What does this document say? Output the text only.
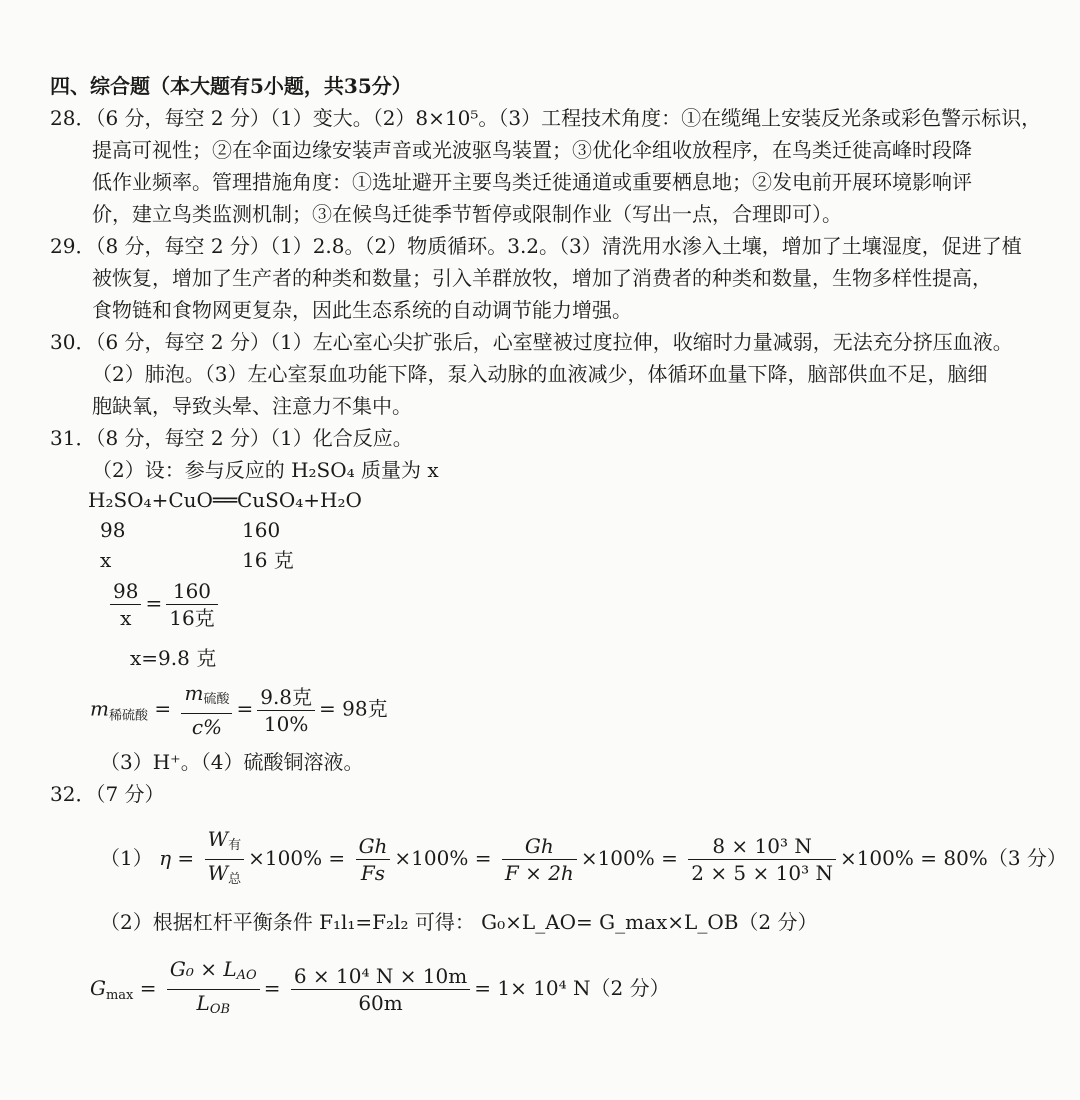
四、综合题（本大题有5小题，共35分）
28．（6 分，每空 2 分）（1）变大。（2）8×10⁵。（3）工程技术角度：①在缆绳上安装反光条或彩色警示标识，
提高可视性；②在伞面边缘安装声音或光波驱鸟装置；③优化伞组收放程序，在鸟类迁徙高峰时段降
低作业频率。管理措施角度：①选址避开主要鸟类迁徙通道或重要栖息地；②发电前开展环境影响评
价，建立鸟类监测机制；③在候鸟迁徙季节暂停或限制作业（写出一点，合理即可）。
29．（8 分，每空 2 分）（1）2.8。（2）物质循环。3.2。（3）清洗用水渗入土壤，增加了土壤湿度，促进了植
被恢复，增加了生产者的种类和数量；引入羊群放牧，增加了消费者的种类和数量，生物多样性提高，
食物链和食物网更复杂，因此生态系统的自动调节能力增强。
30．（6 分，每空 2 分）（1）左心室心尖扩张后，心室壁被过度拉伸，收缩时力量减弱，无法充分挤压血液。
（2）肺泡。（3）左心室泵血功能下降，泵入动脉的血液减少，体循环血量下降，脑部供血不足，脑细
胞缺氧，导致头晕、注意力不集中。
31．（8 分，每空 2 分）（1）化合反应。
（2）设：参与反应的 H₂SO₄ 质量为 x
H₂SO₄+CuO══CuSO₄+H₂O
98	160
x	16 克
$\frac{98}{x} = \frac{160}{\text{16克}}$
x=9.8 克
$m_{稀硫酸} = \frac{\text{m硫酸}}{c\%} = \frac{\text{9.8克}}{10\%} = 98$克
（3）H⁺。（4）硫酸铜溶液。
32．（7 分）
（1） $\eta = \frac{\text{W有}}{\text{W总}} \times 100\% = \frac{Gh}{Fs} \times 100\% = \frac{Gh}{F \times 2h} \times 100\% = \frac{\text{8 × 10³ N}}{\text{2 × 5 × 10³ N}} \times 100\% = 80\%(3$ 分）
（2）根据杠杆平衡条件 F₁l₁=F₂l₂ 可得： G₀×L_AO= G_max×L_OB（2 分）
$G_{max} = \frac{\text{G₀ × LAO}}{\text{LOB}} = \frac{\text{6 × 10⁴ N × 10m}}{60m} = 1\times 10^4$ N（2 分）
